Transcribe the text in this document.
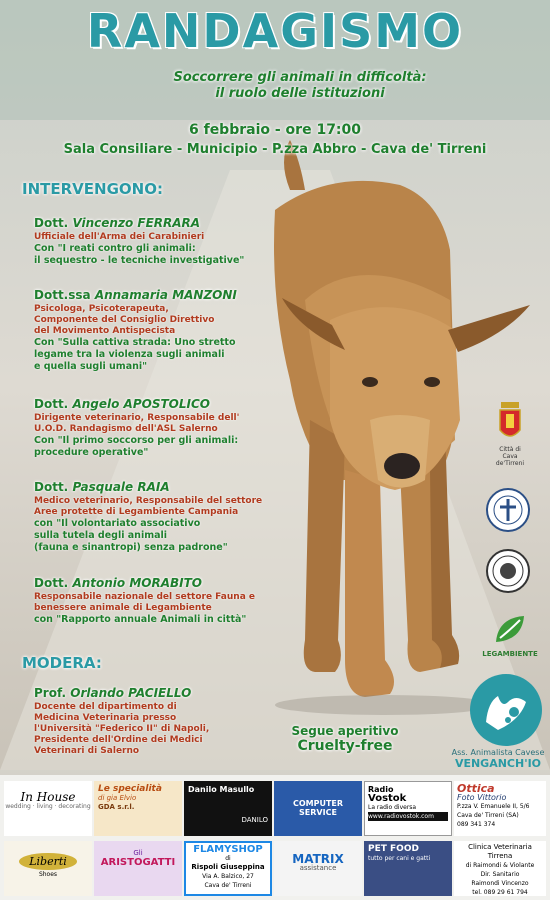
RANDAGISMO
Soccorrere gli animali in difficoltà:
il ruolo delle istituzioni
6 febbraio - ore 17:00
Sala Consiliare - Municipio - P.zza Abbro - Cava de' Tirreni
INTERVENGONO:
Dott. Vincenzo FERRARA
Ufficiale dell'Arma dei Carabinieri
Con "I reati contro gli animali:
il sequestro - le tecniche investigative"
Dott.ssa Annamaria MANZONI
Psicologa, Psicoterapeuta,
Componente del Consiglio Direttivo
del Movimento Antispecista
Con "Sulla cattiva strada: Uno stretto
legame tra la violenza sugli animali
e quella sugli umani"
Dott. Angelo APOSTOLICO
Dirigente veterinario, Responsabile dell'
U.O.D. Randagismo dell'ASL Salerno
Con "Il primo soccorso per gli animali:
procedure operative"
Dott. Pasquale RAIA
Medico veterinario, Responsabile del settore
Aree protette di Legambiente Campania
con "Il volontariato associativo
sulla tutela degli animali
(fauna e sinantropi) senza padrone"
Dott. Antonio MORABITO
Responsabile nazionale del settore Fauna e
benessere animale di Legambiente
con "Rapporto annuale Animali in città"
MODERA:
Prof. Orlando PACIELLO
Docente del dipartimento di
Medicina Veterinaria presso
l'Università "Federico II" di Napoli,
Presidente dell'Ordine dei Medici
Veterinari di Salerno
Segue aperitivo
Cruelty-free
Città di
Cava de'Tirreni
LEGAMBIENTE
Ass. Animalista Cavese
VENGANCH'IO
In House
wedding · living · decorating
Le specialità
di gia Elvio
GDA s.r.l.
Danilo Masullo
DANILO
COMPUTER
SERVICE
Radio
Vostok
La radio diversa
www.radiovostok.com
Ottica
Foto Vittorio
P.zza V. Emanuele II, 5/6
Cava de' Tirreni (SA)
089 341 374
Liberti
Shoes
Gli
ARISTOGATTI
FLAMYSHOP
di
Rispoli Giuseppina
Via A. Balzico, 27
Cava de' Tirreni
MATRIX
assistance
PET FOOD
tutto per cani e gatti
Clinica Veterinaria
Tirrena
di Raimondi & Violante
Dir. Sanitario
Raimondi Vincenzo
tel. 089 29 61 794
